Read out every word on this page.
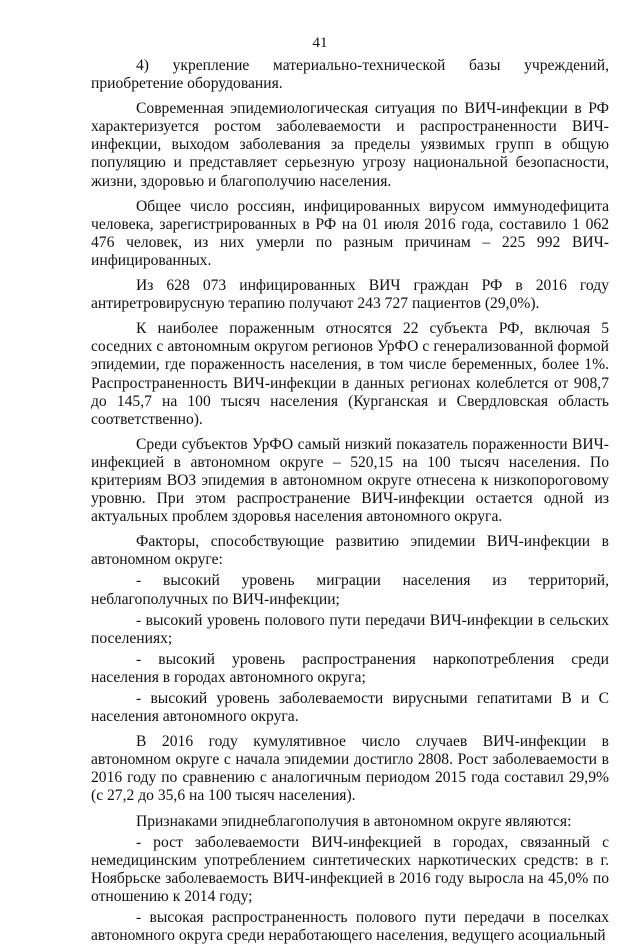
41

4) укрепление материально-технической базы учреждений, приобретение оборудования.

Современная эпидемиологическая ситуация по ВИЧ-инфекции в РФ характеризуется ростом заболеваемости и распространенности ВИЧ-инфекции, выходом заболевания за пределы уязвимых групп в общую популяцию и представляет серьезную угрозу национальной безопасности, жизни, здоровью и благополучию населения.

Общее число россиян, инфицированных вирусом иммунодефицита человека, зарегистрированных в РФ на 01 июля 2016 года, составило 1 062 476 человек, из них умерли по разным причинам – 225 992 ВИЧ-инфицированных.

Из 628 073 инфицированных ВИЧ граждан РФ в 2016 году антиретровирусную терапию получают 243 727 пациентов (29,0%).

К наиболее пораженным относятся 22 субъекта РФ, включая 5 соседних с автономным округом регионов УрФО с генерализованной формой эпидемии, где пораженность населения, в том числе беременных, более 1%. Распространенность ВИЧ-инфекции в данных регионах колеблется от 908,7 до 145,7 на 100 тысяч населения (Курганская и Свердловская область соответственно).

Среди субъектов УрФО самый низкий показатель пораженности ВИЧ-инфекцией в автономном округе – 520,15 на 100 тысяч населения. По критериям ВОЗ эпидемия в автономном округе отнесена к низкопороговому уровню. При этом распространение ВИЧ-инфекции остается одной из актуальных проблем здоровья населения автономного округа.

Факторы, способствующие развитию эпидемии ВИЧ-инфекции в автономном округе:

- высокий уровень миграции населения из территорий, неблагополучных по ВИЧ-инфекции;

- высокий уровень полового пути передачи ВИЧ-инфекции в сельских поселениях;

- высокий уровень распространения наркопотребления среди населения в городах автономного округа;

- высокий уровень заболеваемости вирусными гепатитами В и С населения автономного округа.

В 2016 году кумулятивное число случаев ВИЧ-инфекции в автономном округе с начала эпидемии достигло 2808. Рост заболеваемости в 2016 году по сравнению с аналогичным периодом 2015 года составил 29,9% (с 27,2 до 35,6 на 100 тысяч населения).

Признаками эпиднеблагополучия в автономном округе являются:

- рост заболеваемости ВИЧ-инфекцией в городах, связанный с немедицинским употреблением синтетических наркотических средств: в г. Ноябрьске заболеваемость ВИЧ-инфекцией в 2016 году выросла на 45,0% по отношению к 2014 году;

- высокая распространенность полового пути передачи в поселках автономного округа среди неработающего населения, ведущего асоциальный
